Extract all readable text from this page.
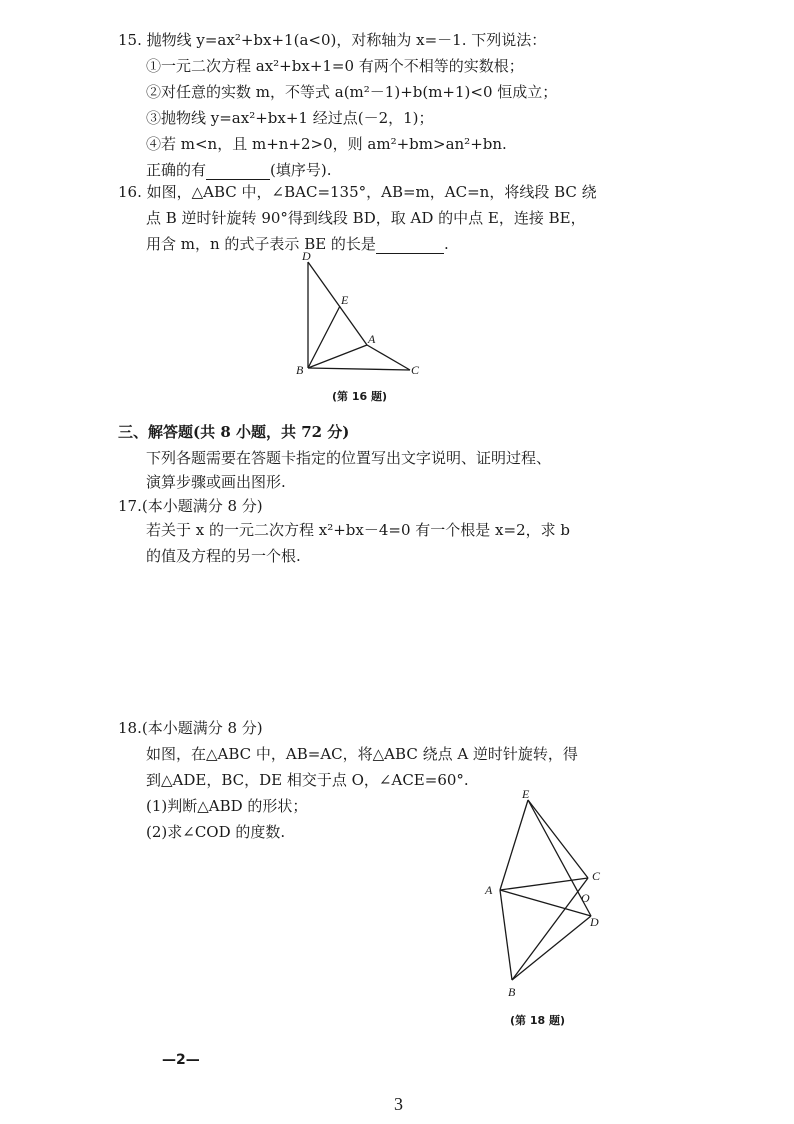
15. 抛物线 y=ax²+bx+1(a<0)，对称轴为 x=－1. 下列说法：
①一元二次方程 ax²+bx+1=0 有两个不相等的实数根；
②对任意的实数 m，不等式 a(m²－1)+b(m+1)<0 恒成立；
③抛物线 y=ax²+bx+1 经过点(－2，1)；
④若 m<n，且 m+n+2>0，则 am²+bm>an²+bn.
正确的有	(填序号).
16. 如图，△ABC 中，∠BAC=135°，AB=m，AC=n，将线段 BC 绕
点 B 逆时针旋转 90°得到线段 BD，取 AD 的中点 E，连接 BE，
用含 m，n 的式子表示 BE 的长是	.
D
E
A
B	C
(第 16 题)
三、解答题(共 8 小题，共 72 分)
下列各题需要在答题卡指定的位置写出文字说明、证明过程、
演算步骤或画出图形.
17.(本小题满分 8 分)
若关于 x 的一元二次方程 x²+bx－4=0 有一个根是 x=2，求 b
的值及方程的另一个根.
18.(本小题满分 8 分)
如图，在△ABC 中，AB=AC，将△ABC 绕点 A 逆时针旋转，得
到△ADE，BC，DE 相交于点 O，∠ACE=60°.
(1)判断△ABD 的形状；
(2)求∠COD 的度数.
E
C
A
O
D
B
(第 18 题)
—2—
3
